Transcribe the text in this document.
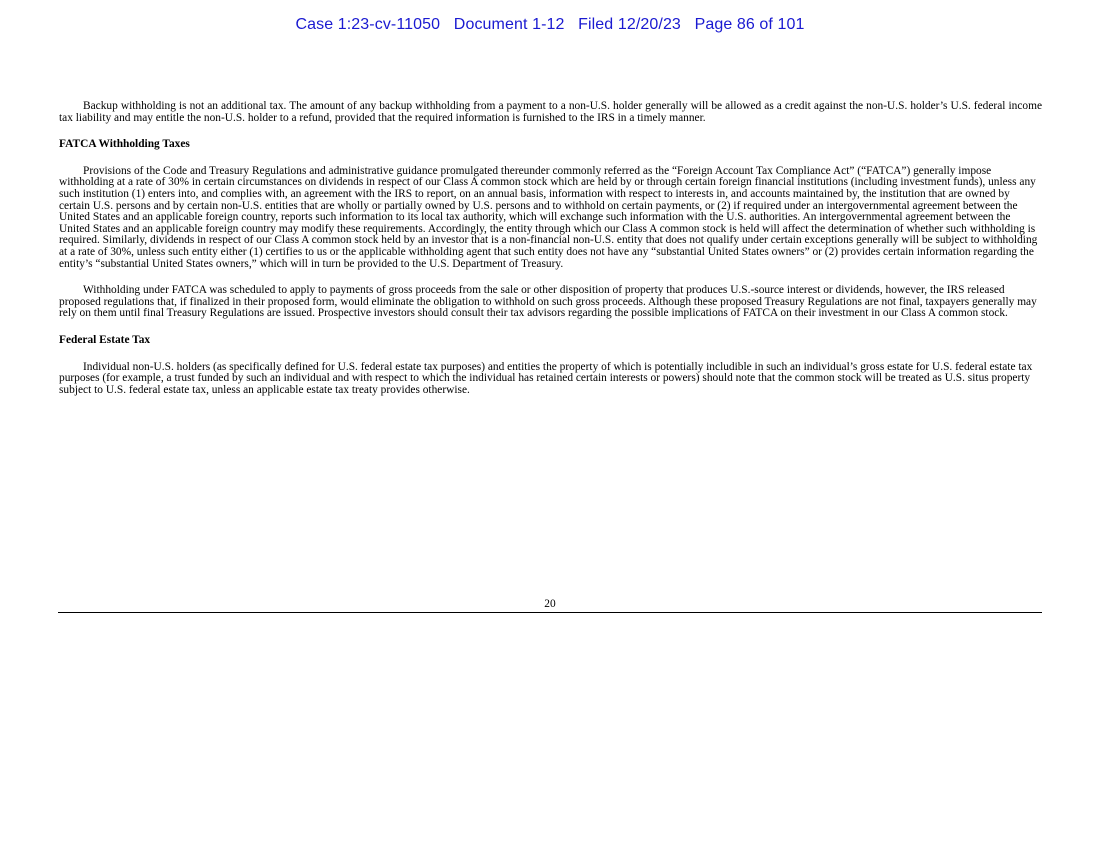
Case 1:23-cv-11050   Document 1-12   Filed 12/20/23   Page 86 of 101

Backup withholding is not an additional tax. The amount of any backup withholding from a payment to a non-U.S. holder generally will be allowed as a credit against the non-U.S. holder’s U.S. federal income tax liability and may entitle the non-U.S. holder to a refund, provided that the required information is furnished to the IRS in a timely manner.

FATCA Withholding Taxes

Provisions of the Code and Treasury Regulations and administrative guidance promulgated thereunder commonly referred as the “Foreign Account Tax Compliance Act” (“FATCA”) generally impose withholding at a rate of 30% in certain circumstances on dividends in respect of our Class A common stock which are held by or through certain foreign financial institutions (including investment funds), unless any such institution (1) enters into, and complies with, an agreement with the IRS to report, on an annual basis, information with respect to interests in, and accounts maintained by, the institution that are owned by certain U.S. persons and by certain non-U.S. entities that are wholly or partially owned by U.S. persons and to withhold on certain payments, or (2) if required under an intergovernmental agreement between the United States and an applicable foreign country, reports such information to its local tax authority, which will exchange such information with the U.S. authorities. An intergovernmental agreement between the United States and an applicable foreign country may modify these requirements. Accordingly, the entity through which our Class A common stock is held will affect the determination of whether such withholding is required. Similarly, dividends in respect of our Class A common stock held by an investor that is a non-financial non-U.S. entity that does not qualify under certain exceptions generally will be subject to withholding at a rate of 30%, unless such entity either (1) certifies to us or the applicable withholding agent that such entity does not have any “substantial United States owners” or (2) provides certain information regarding the entity’s “substantial United States owners,” which will in turn be provided to the U.S. Department of Treasury.

Withholding under FATCA was scheduled to apply to payments of gross proceeds from the sale or other disposition of property that produces U.S.-source interest or dividends, however, the IRS released proposed regulations that, if finalized in their proposed form, would eliminate the obligation to withhold on such gross proceeds. Although these proposed Treasury Regulations are not final, taxpayers generally may rely on them until final Treasury Regulations are issued. Prospective investors should consult their tax advisors regarding the possible implications of FATCA on their investment in our Class A common stock.

Federal Estate Tax

Individual non-U.S. holders (as specifically defined for U.S. federal estate tax purposes) and entities the property of which is potentially includible in such an individual’s gross estate for U.S. federal estate tax purposes (for example, a trust funded by such an individual and with respect to which the individual has retained certain interests or powers) should note that the common stock will be treated as U.S. situs property subject to U.S. federal estate tax, unless an applicable estate tax treaty provides otherwise.

20
